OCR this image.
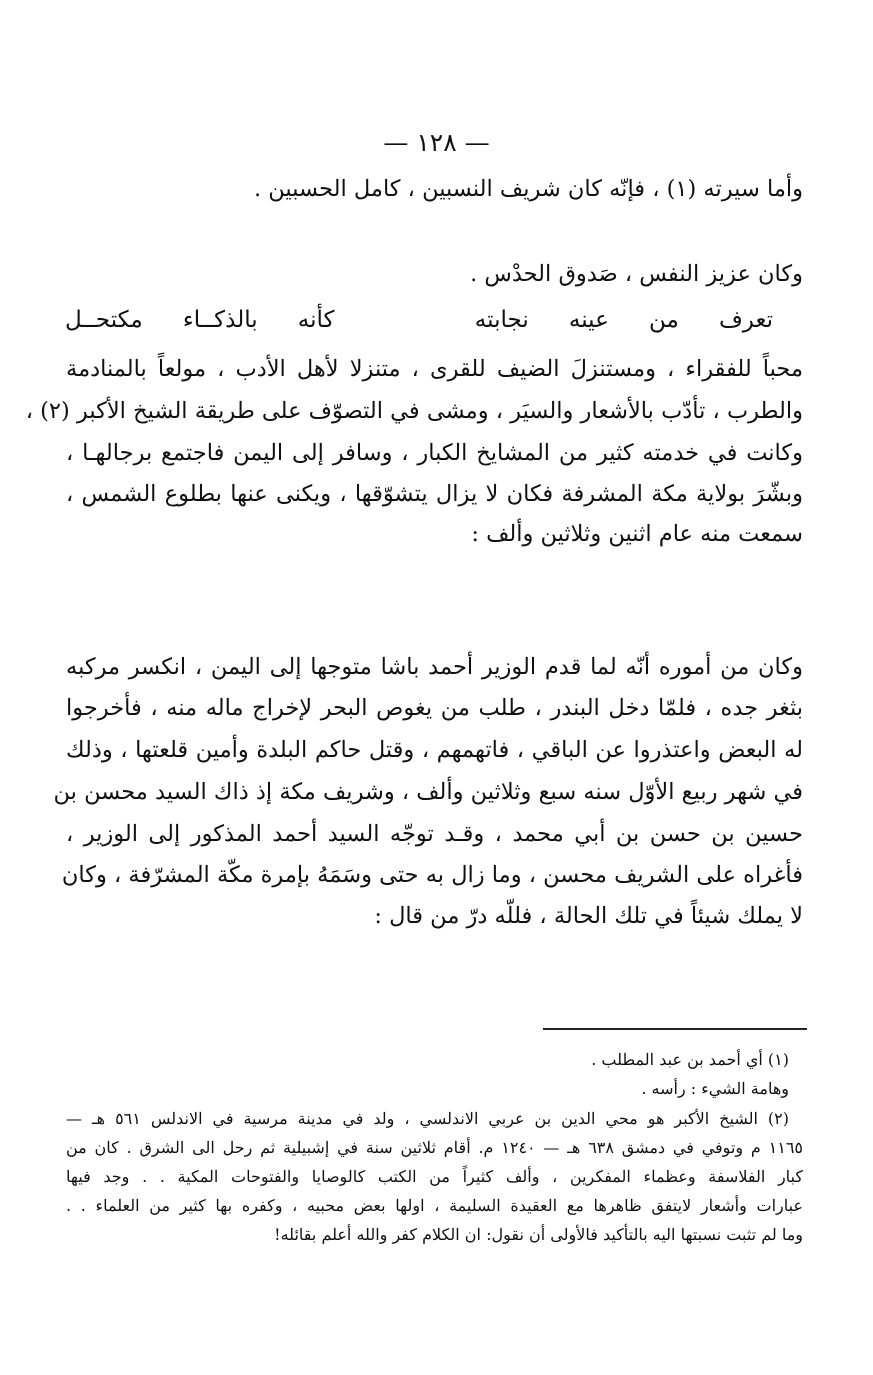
— ١٢٨ —
وأما سيرته (١) ، فإنّه كان شريف النسبين ، كامل الحسبين .
وكان عزيز النفس ، صَدوق الحدْس .
تعرف
من
عينه
نجابته
كأنه
بالذكــاء
مكتحــل
محباً للفقراء ، ومستنزلَ الضيف للقرى ، متنزلا لأهل الأدب ، مولعاً بالمنادمة
والطرب ، تأدّب بالأشعار والسيَر ، ومشى في التصوّف على طريقة الشيخ الأكبر (٢) ،
وكانت في خدمته كثير من المشايخ الكبار ، وسافر إلى اليمن فاجتمع برجالهـا ،
وبشّرَ بولاية مكة المشرفة فكان لا يزال يتشوّقها ، ويكنى عنها بطلوع الشمس ،
سمعت منه عام اثنين وثلاثين وألف :
وكان من أموره أنّه لما قدم الوزير أحمد باشا متوجها إلى اليمن ، انكسر مركبه
بثغر جده ، فلمّا دخل البندر ، طلب من يغوص البحر لإخراج ماله منه ، فأخرجوا
له البعض واعتذروا عن الباقي ، فاتهمهم ، وقتل حاكم البلدة وأمين قلعتها ، وذلك
في شهر ربيع الأوّل سنه سبع وثلاثين وألف ، وشريف مكة إذ ذاك السيد محسن بن
حسين بن حسن بن أبي محمد ، وقـد توجّه السيد أحمد المذكور إلى الوزير ،
فأغراه على الشريف محسن ، وما زال به حتى وسَمَهُ بإمرة مكّة المشرّفة ، وكان
لا يملك شيئاً في تلك الحالة ، فللّه درّ من قال :
(١) أي أحمد بن عبد المطلب .
وهامة الشيء : رأسه .
(٢) الشيخ الأكبر هو محي الدين بن عربي الاندلسي ، ولد في مدينة مرسية في الاندلس ٥٦١ هـ —
١١٦٥ م وتوفي في دمشق ٦٣٨ هـ — ١٢٤٠ م. أقام ثلاثين سنة في إشبيلية ثم رحل الى الشرق . كان من
كبار الفلاسفة وعظماء المفكرين ، وألف كثيراً من الكتب كالوصايا والفتوحات المكية . . وجد فيها
عبارات وأشعار لايتفق ظاهرها مع العقيدة السليمة ، اولها بعض محبيه ، وكفره بها كثير من العلماء . .
وما لم تثبت نسبتها اليه بالتأكيد فالأولى أن نقول: ان الكلام كفر والله أعلم بقائله!
